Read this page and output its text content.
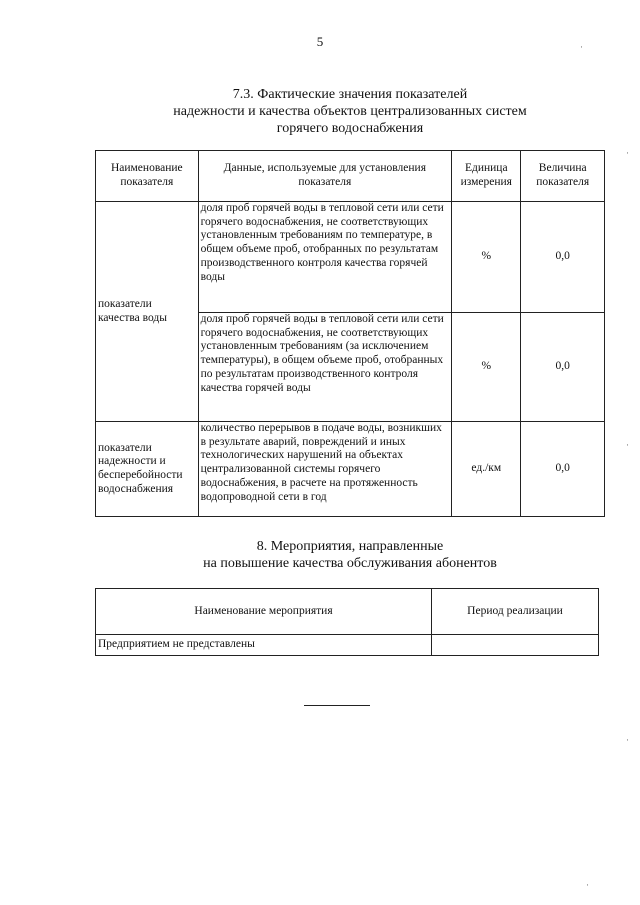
5
7.3. Фактические значения показателей
надежности и качества объектов централизованных систем
горячего водоснабжения
Наименование показателя	Данные, используемые для установления показателя	Единица измерения	Величина показателя
показатели качества воды	доля проб горячей воды в тепловой сети или сети горячего водоснабжения, не соответствующих установленным требованиям по температуре, в общем объеме проб, отобранных по результатам производственного контроля качества горячей воды	%	0,0
	доля проб горячей воды в тепловой сети или сети горячего водоснабжения, не соответствующих установленным требованиям (за исключением температуры), в общем объеме проб, отобранных по результатам производственного контроля качества горячей воды	%	0,0
показатели надежности и бесперебойности водоснабжения	количество перерывов в подаче воды, возникших в результате аварий, повреждений и иных технологических нарушений на объектах централизованной системы горячего водоснабжения, в расчете на протяженность водопроводной сети в год	ед./км	0,0
8. Мероприятия, направленные
на повышение качества обслуживания абонентов
Наименование мероприятия	Период реализации
Предприятием не представлены	
·
·
·
·
·
